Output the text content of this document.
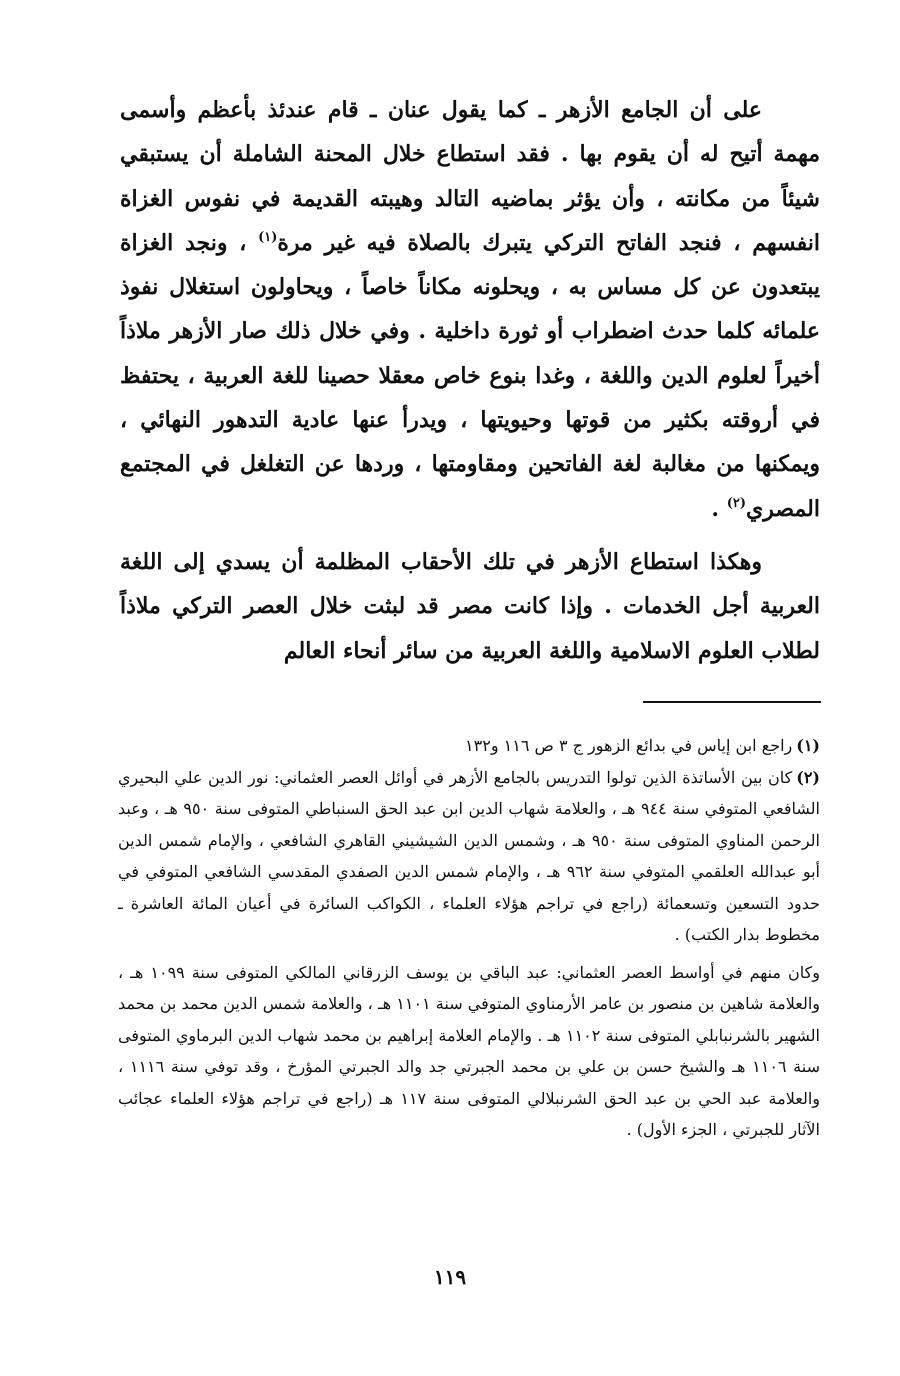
على أن الجامع الأزهر ـ كما يقول عنان ـ قام عندئذ بأعظم وأسمى مهمة أتيح له أن يقوم بها . فقد استطاع خلال المحنة الشاملة أن يستبقي شيئاً من مكانته ، وأن يؤثر بماضيه التالد وهيبته القديمة في نفوس الغزاة انفسهم ، فنجد الفاتح التركي يتبرك بالصلاة فيه غير مرة$^{(١)}$ ، ونجد الغزاة يبتعدون عن كل مساس به ، ويحلونه مكاناً خاصاً ، ويحاولون استغلال نفوذ علمائه كلما حدث اضطراب أو ثورة داخلية . وفي خلال ذلك صار الأزهر ملاذاً أخيراً لعلوم الدين واللغة ، وغدا بنوع خاص معقلا حصينا للغة العربية ، يحتفظ في أروقته بكثير من قوتها وحيويتها ، ويدرأ عنها عادية التدهور النهائي ، ويمكنها من مغالبة لغة الفاتحين ومقاومتها ، وردها عن التغلغل في المجتمع المصري$^{(٢)}$ .

وهكذا استطاع الأزهر في تلك الأحقاب المظلمة أن يسدي إلى اللغة العربية أجل الخدمات . وإذا كانت مصر قد لبثت خلال العصر التركي ملاذاً لطلاب العلوم الاسلامية واللغة العربية من سائر أنحاء العالم

(١)راجع ابن إياس في بدائع الزهور ج ٣ ص ١١٦ و١٣٢

(٢)كان بين الأساتذة الذين تولوا التدريس بالجامع الأزهر في أوائل العصر العثماني: نور الدين علي البحيري الشافعي المتوفي سنة ٩٤٤ هـ ، والعلامة شهاب الدين ابن عبد الحق السنباطي المتوفى سنة ٩٥٠ هـ ، وعبد الرحمن المناوي المتوفى سنة ٩٥٠ هـ ، وشمس الدين الشيشيني القاهري الشافعي ، والإمام شمس الدين أبو عبدالله العلقمي المتوفي سنة ٩٦٢ هـ ، والإمام شمس الدين الصفدي المقدسي الشافعي المتوفي في حدود التسعين وتسعمائة (راجع في تراجم هؤلاء العلماء ، الكواكب السائرة في أعيان المائة العاشرة ـ مخطوط بدار الكتب) .

وكان منهم في أواسط العصر العثماني: عبد الباقي بن يوسف الزرقاني المالكي المتوفى سنة ١٠٩٩ هـ ، والعلامة شاهين بن منصور بن عامر الأرمناوي المتوفي سنة ١١٠١ هـ ، والعلامة شمس الدين محمد بن محمد الشهير بالشرنبابلي المتوفى سنة ١١٠٢ هـ . والإمام العلامة إبراهيم بن محمد شهاب الدين البرماوي المتوفى سنة ١١٠٦ هـ والشيخ حسن بن علي بن محمد الجبرتي جد والد الجبرتي المؤرخ ، وقد توفي سنة ١١١٦ ، والعلامة عبد الحي بن عبد الحق الشرنبلالي المتوفى سنة ١١٧ هـ (راجع في تراجم هؤلاء العلماء عجائب الآثار للجبرتي ، الجزء الأول) .

١١٩
